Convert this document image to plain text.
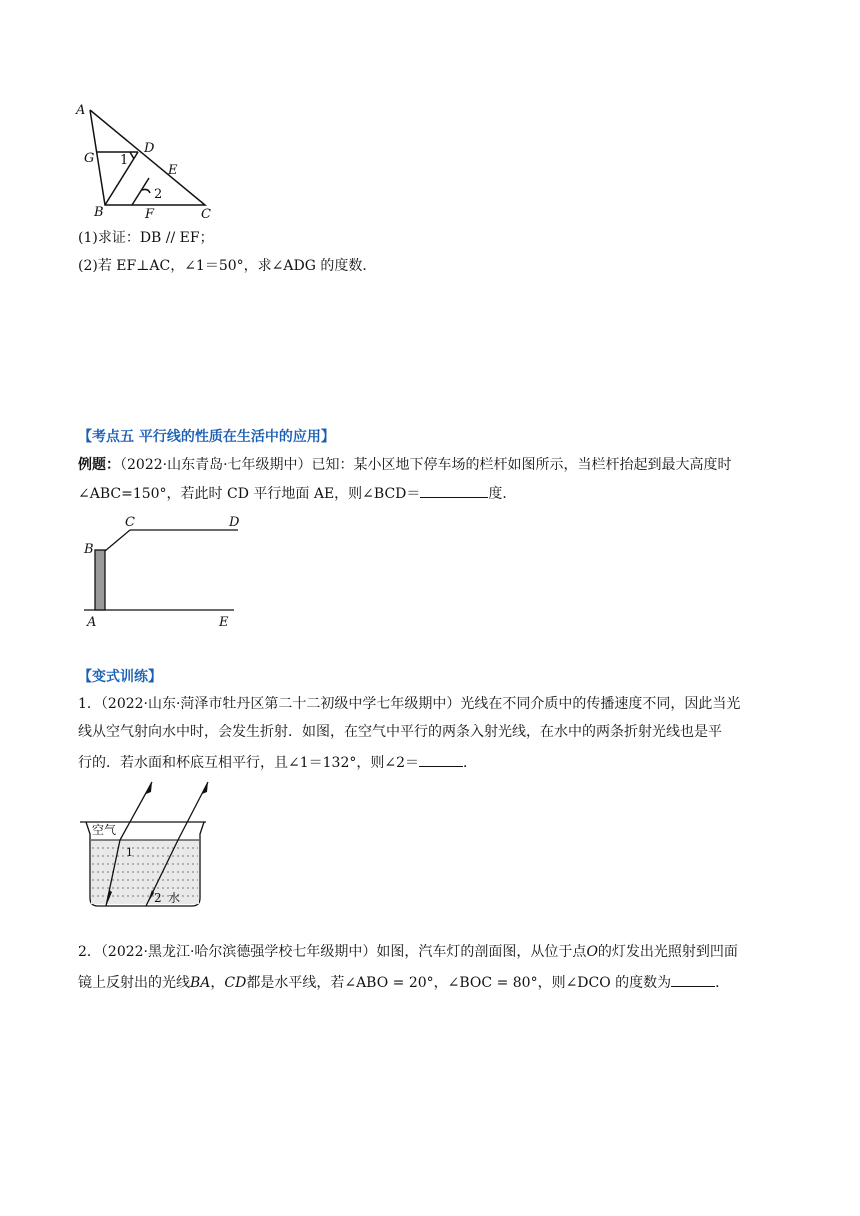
A
G 1
D
E
2
B	F	C
(1)求证：DB // EF；
(2)若 EF⊥AC，∠1＝50°，求∠ADG 的度数．
【考点五 平行线的性质在生活中的应用】
例题：（2022·山东青岛·七年级期中）已知：某小区地下停车场的栏杆如图所示，当栏杆抬起到最大高度时
∠ABC=150°，若此时 CD 平行地面 AE，则∠BCD＝	度．
B
C	D
A	E
【变式训练】
1．（2022·山东·菏泽市牡丹区第二十二初级中学七年级期中）光线在不同介质中的传播速度不同，因此当光
线从空气射向水中时，会发生折射．如图，在空气中平行的两条入射光线，在水中的两条折射光线也是平
行的．若水面和杯底互相平行，且∠1＝132°，则∠2＝	．
空气
1
2 水
2．（2022·黑龙江·哈尔滨德强学校七年级期中）如图，汽车灯的剖面图，从位于点O的灯发出光照射到凹面
镜上反射出的光线BA，CD都是水平线，若∠ABO = 20°，∠BOC = 80°，则∠DCO 的度数为	．
